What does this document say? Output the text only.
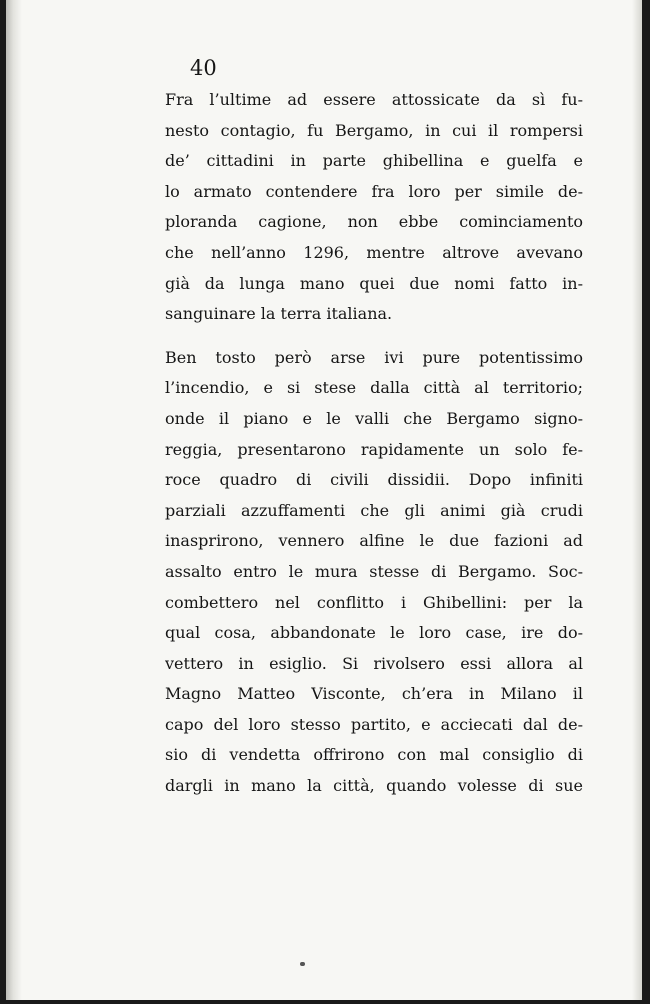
40
Fra l’ultime ad essere attossicate da sì fu-
nesto contagio, fu Bergamo, in cui il rompersi
de’ cittadini in parte ghibellina e guelfa e
lo armato contendere fra loro per simile de-
ploranda cagione, non ebbe cominciamento
che nell’anno 1296, mentre altrove avevano
già da lunga mano quei due nomi fatto in-
sanguinare la terra italiana.
Ben tosto però arse ivi pure potentissimo
l’incendio, e si stese dalla città al territorio;
onde il piano e le valli che Bergamo signo-
reggia, presentarono rapidamente un solo fe-
roce quadro di civili dissidii. Dopo infiniti
parziali azzuffamenti che gli animi già crudi
inasprirono, vennero alfine le due fazioni ad
assalto entro le mura stesse di Bergamo. Soc-
combettero nel conflitto i Ghibellini: per la
qual cosa, abbandonate le loro case, ire do-
vettero in esiglio. Si rivolsero essi allora al
Magno Matteo Visconte, ch’era in Milano il
capo del loro stesso partito, e acciecati dal de-
sio di vendetta offrirono con mal consiglio di
dargli in mano la città, quando volesse di sue
